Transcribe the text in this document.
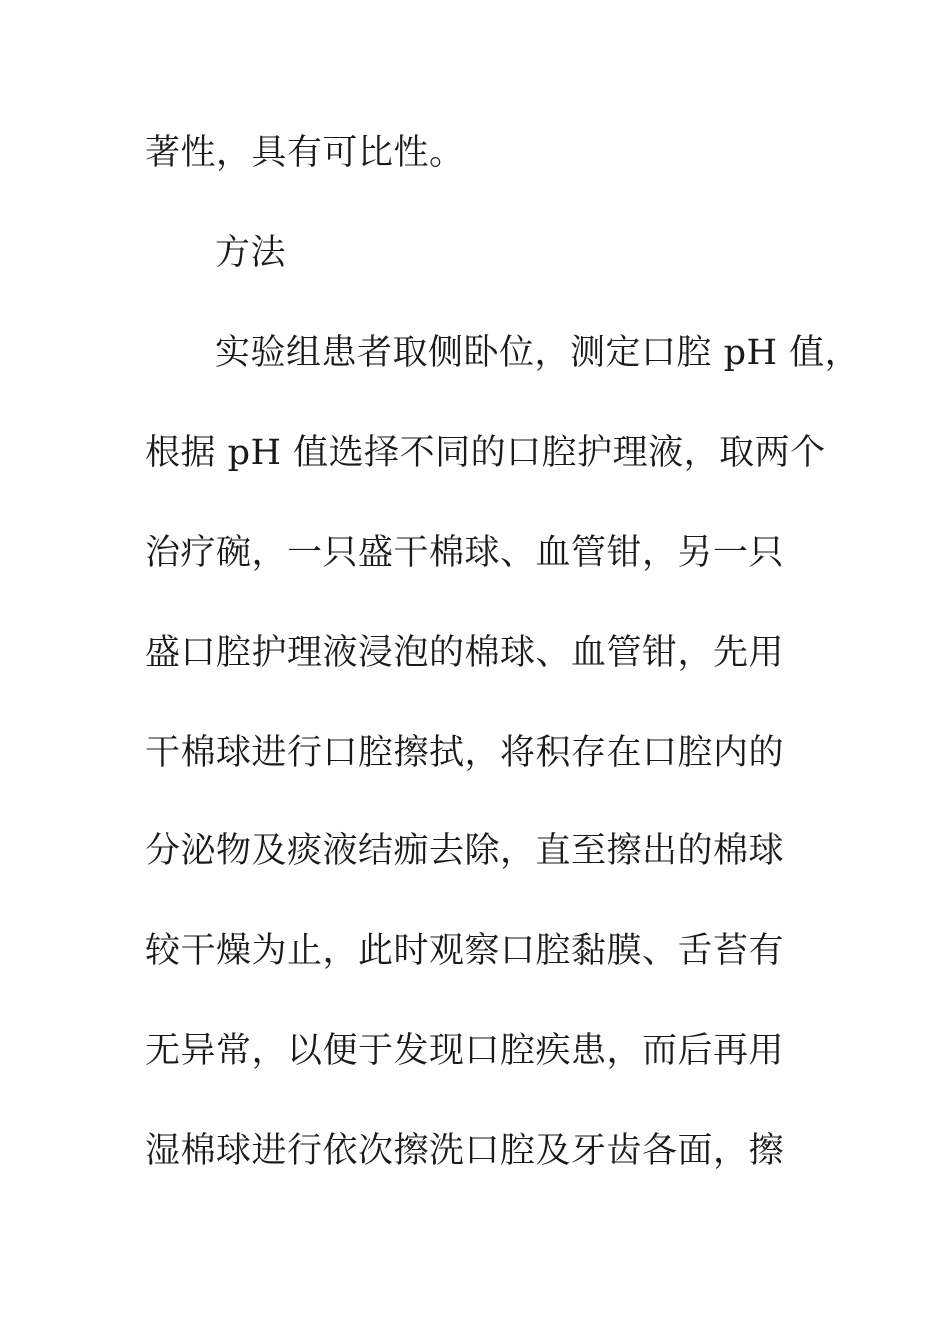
著性，具有可比性。

方法

实验组患者取侧卧位，测定口腔 pH 值，

根据 pH 值选择不同的口腔护理液，取两个

治疗碗，一只盛干棉球、血管钳，另一只

盛口腔护理液浸泡的棉球、血管钳，先用

干棉球进行口腔擦拭，将积存在口腔内的

分泌物及痰液结痂去除，直至擦出的棉球

较干燥为止，此时观察口腔黏膜、舌苔有

无异常，以便于发现口腔疾患，而后再用

湿棉球进行依次擦洗口腔及牙齿各面，擦
